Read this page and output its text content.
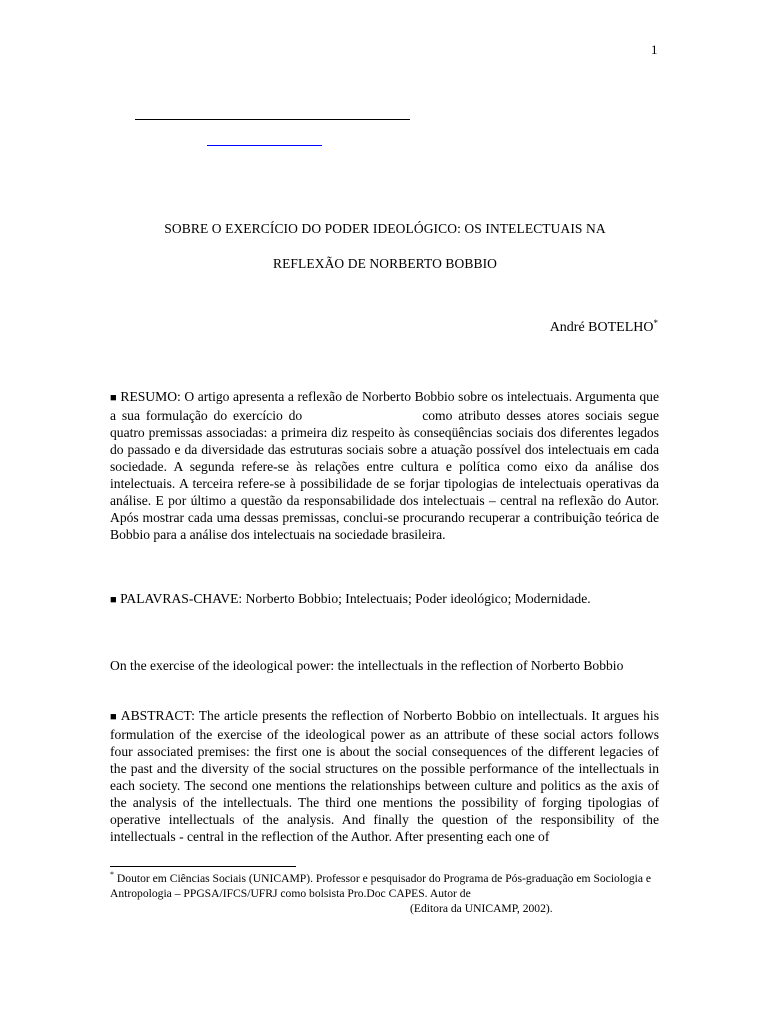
1
SOBRE O EXERCÍCIO DO PODER IDEOLÓGICO: OS INTELECTUAIS NA
REFLEXÃO DE NORBERTO BOBBIO
André BOTELHO*
■ RESUMO: O artigo apresenta a reflexão de Norberto Bobbio sobre os intelectuais. Argumenta que a sua formulação do exercício do	como atributo desses atores sociais segue quatro premissas associadas: a primeira diz respeito às conseqüências sociais dos diferentes legados do passado e da diversidade das estruturas sociais sobre a atuação possível dos intelectuais em cada sociedade. A segunda refere-se às relações entre cultura e política como eixo da análise dos intelectuais. A terceira refere-se à possibilidade de se forjar tipologias de intelectuais operativas da análise. E por último a questão da responsabilidade dos intelectuais – central na reflexão do Autor. Após mostrar cada uma dessas premissas, conclui-se procurando recuperar a contribuição teórica de Bobbio para a análise dos intelectuais na sociedade brasileira.
■ PALAVRAS-CHAVE: Norberto Bobbio; Intelectuais; Poder ideológico; Modernidade.
On the exercise of the ideological power: the intellectuals in the reflection of Norberto Bobbio
■ ABSTRACT: The article presents the reflection of Norberto Bobbio on intellectuals. It argues his formulation of the exercise of the ideological power as an attribute of these social actors follows four associated premises: the first one is about the social consequences of the different legacies of the past and the diversity of the social structures on the possible performance of the intellectuals in each society. The second one mentions the relationships between culture and politics as the axis of the analysis of the intellectuals. The third one mentions the possibility of forging tipologias of operative intellectuals of the analysis. And finally the question of the responsibility of the intellectuals - central in the reflection of the Author. After presenting each one of
* Doutor em Ciências Sociais (UNICAMP). Professor e pesquisador do Programa de Pós-graduação em Sociologia e Antropologia – PPGSA/IFCS/UFRJ como bolsista Pro.Doc CAPES. Autor de
(Editora da UNICAMP, 2002).
